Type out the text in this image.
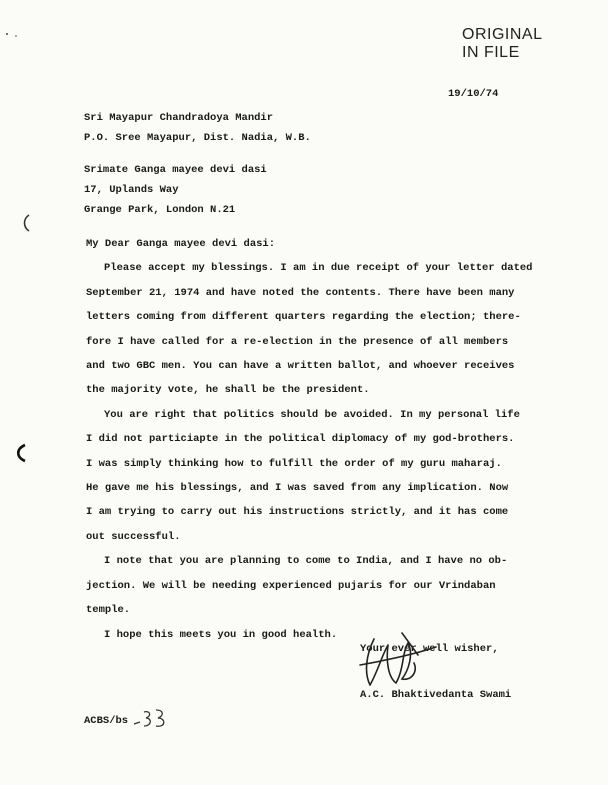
ORIGINAL
IN FILE
19/10/74
Sri Mayapur Chandradoya Mandir
P.O. Sree Mayapur, Dist. Nadia, W.B.
Srimate Ganga mayee devi dasi
17, Uplands Way
Grange Park, London N.21
My Dear Ganga mayee devi dasi:
Please accept my blessings. I am in due receipt of your letter dated
September 21, 1974 and have noted the contents. There have been many
letters coming from different quarters regarding the election; there-
fore I have called for a re-election in the presence of all members
and two GBC men. You can have a written ballot, and whoever receives
the majority vote, he shall be the president.
You are right that politics should be avoided. In my personal life
I did not particiapte in the political diplomacy of my god-brothers.
I was simply thinking how to fulfill the order of my guru maharaj.
He gave me his blessings, and I was saved from any implication. Now
I am trying to carry out his instructions strictly, and it has come
out successful.
I note that you are planning to come to India, and I have no ob-
jection. We will be needing experienced pujaris for our Vrindaban
temple.
I hope this meets you in good health.
Your ever well wisher,
A.C. Bhaktivedanta Swami
ACBS/bs
